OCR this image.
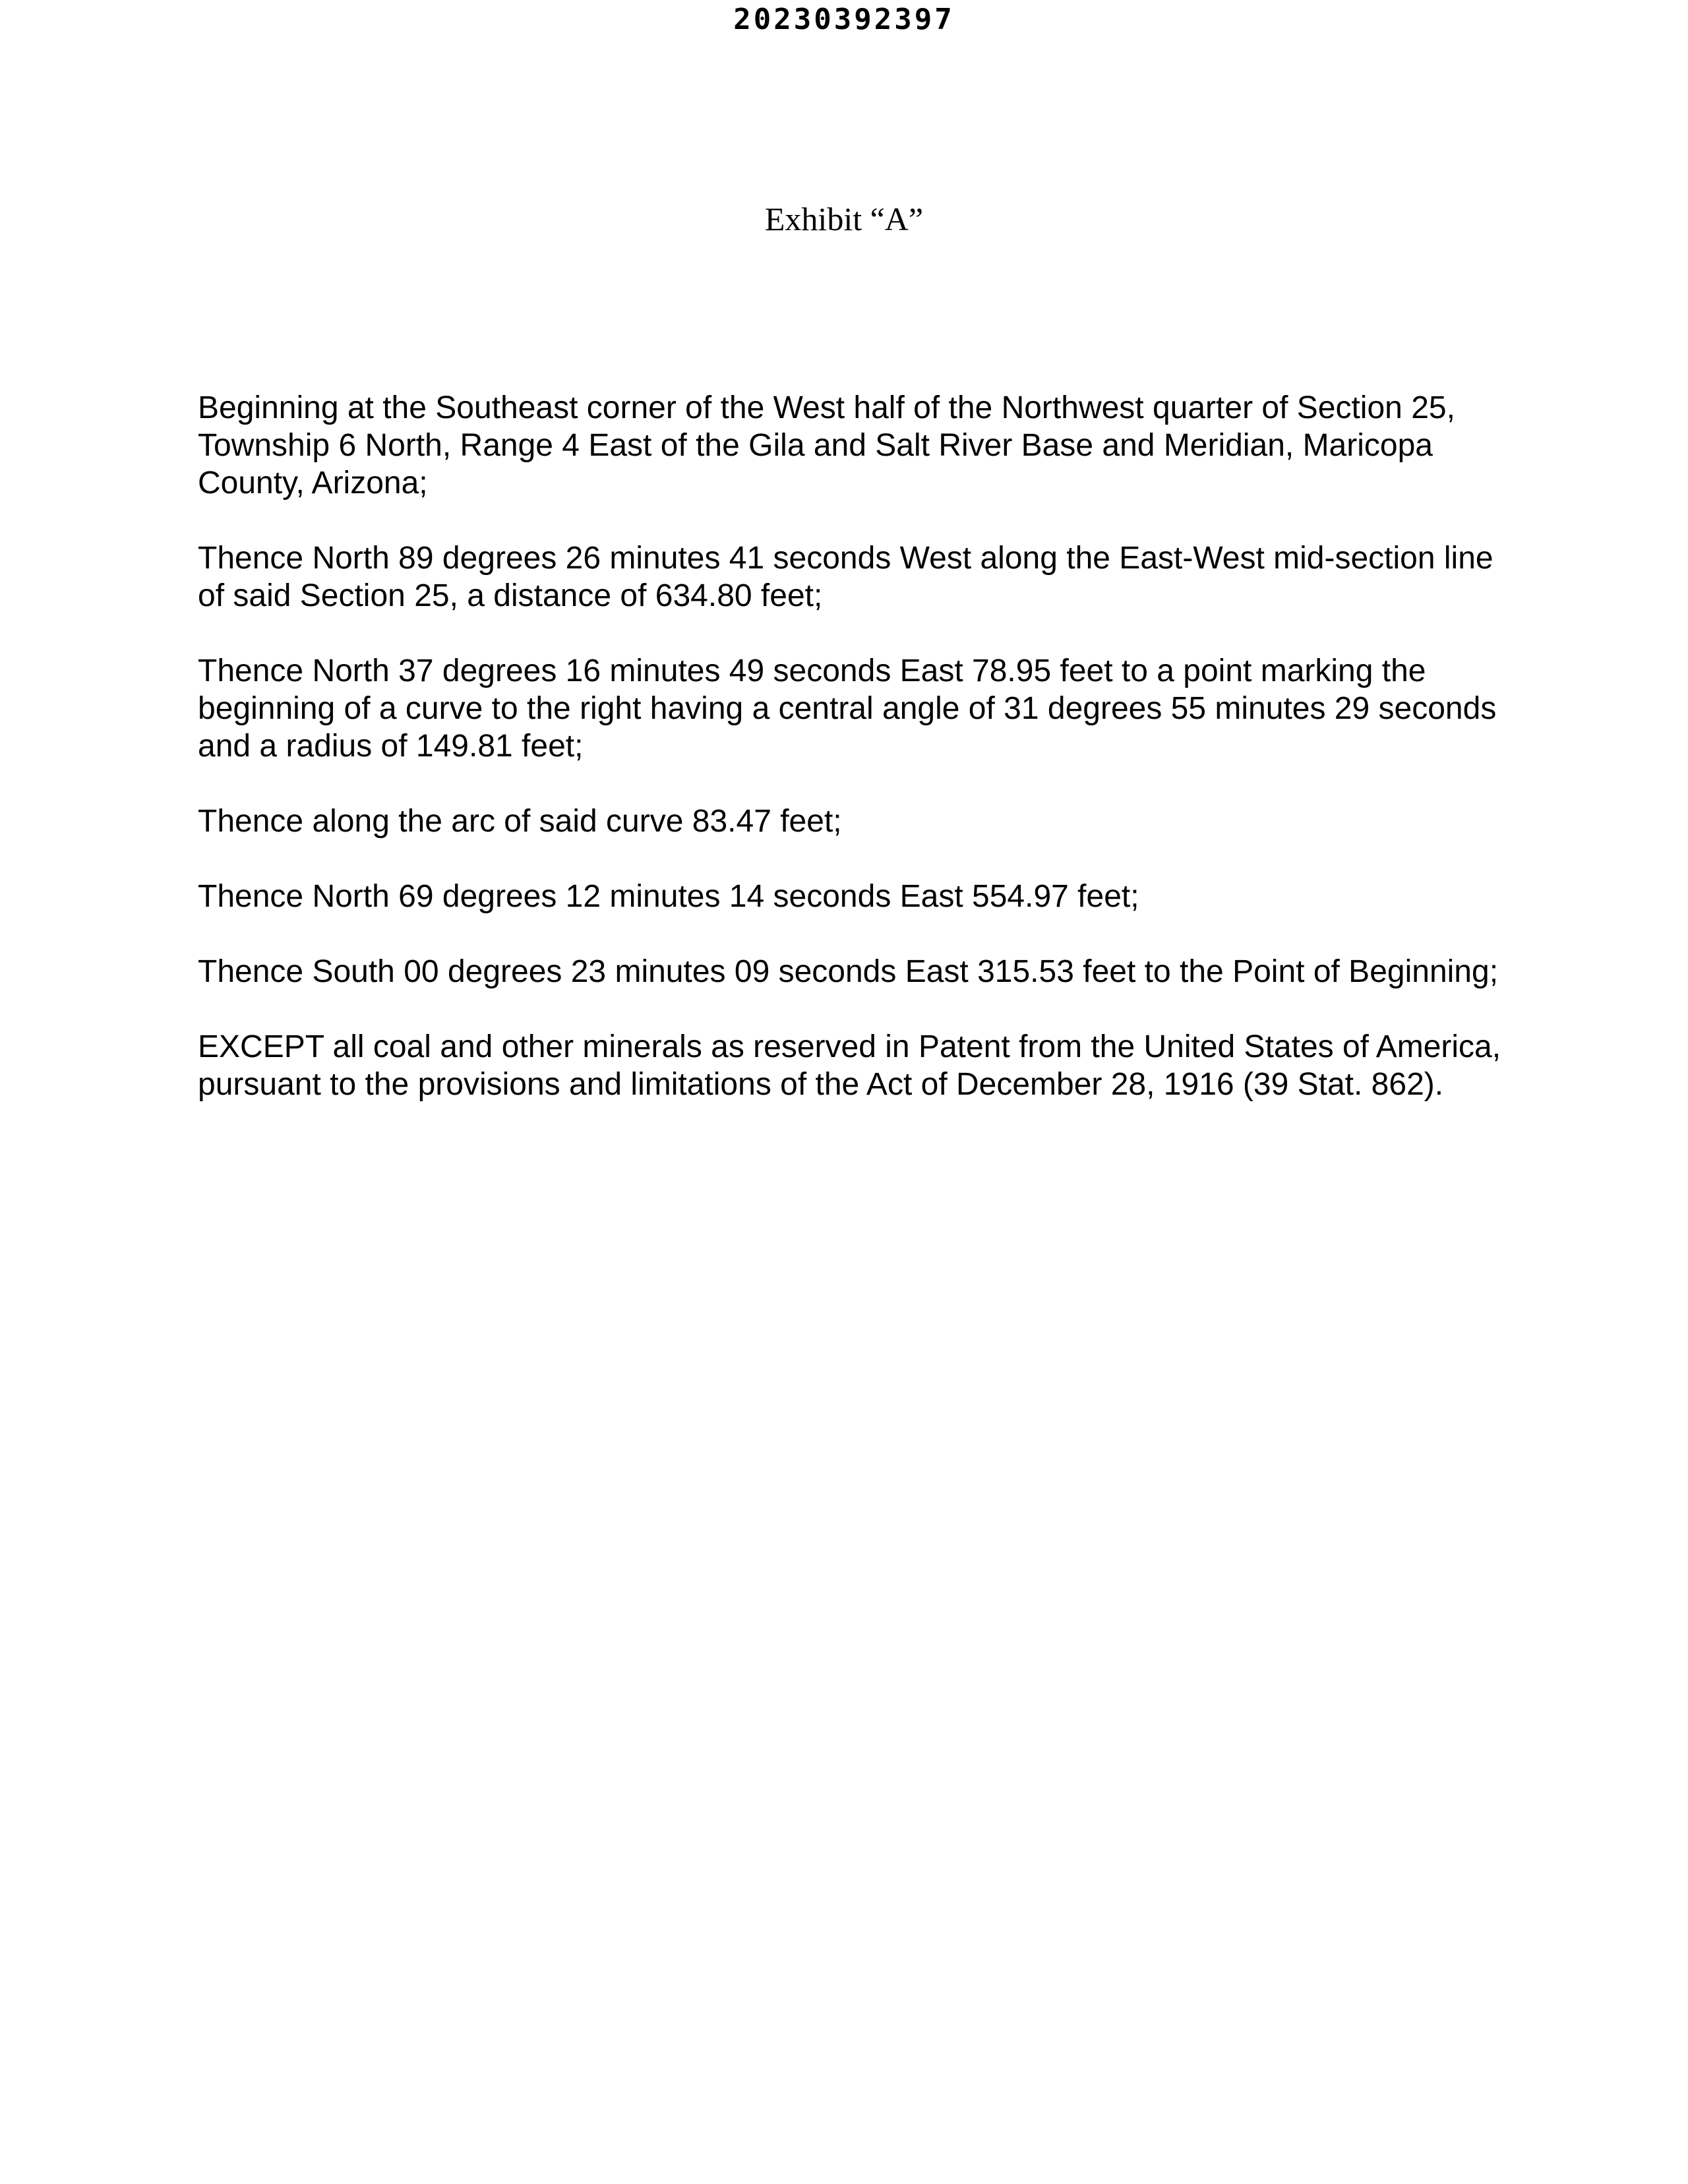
20230392397
Exhibit “A”

Beginning at the Southeast corner of the West half of the Northwest quarter of Section 25, Township 6 North, Range 4 East of the Gila and Salt River Base and Meridian, Maricopa County, Arizona;

Thence North 89 degrees 26 minutes 41 seconds West along the East-West mid-section line of said Section 25, a distance of 634.80 feet;

Thence North 37 degrees 16 minutes 49 seconds East 78.95 feet to a point marking the beginning of a curve to the right having a central angle of 31 degrees 55 minutes 29 seconds and a radius of 149.81 feet;

Thence along the arc of said curve 83.47 feet;

Thence North 69 degrees 12 minutes 14 seconds East 554.97 feet;

Thence South 00 degrees 23 minutes 09 seconds East 315.53 feet to the Point of Beginning;

EXCEPT all coal and other minerals as reserved in Patent from the United States of America, pursuant to the provisions and limitations of the Act of December 28, 1916 (39 Stat. 862).
